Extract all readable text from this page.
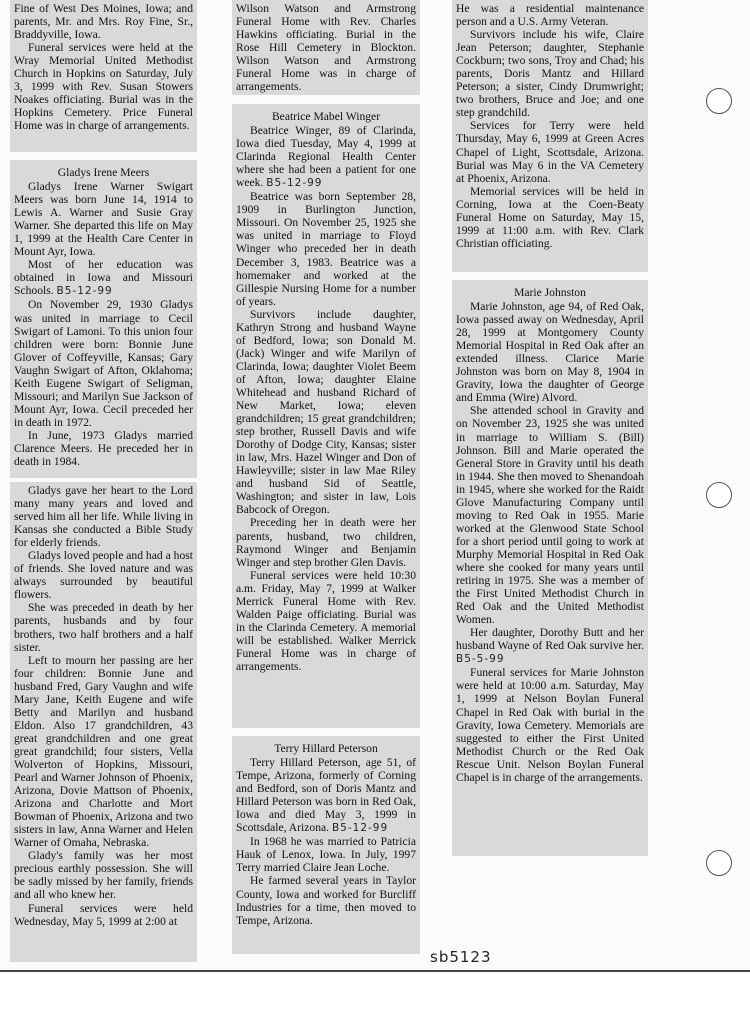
Fine of West Des Moines, Iowa; and parents, Mr. and Mrs. Roy Fine, Sr., Braddyville, Iowa.

Funeral services were held at the Wray Memorial United Methodist Church in Hopkins on Saturday, July 3, 1999 with Rev. Susan Stowers Noakes officiating. Burial was in the Hopkins Cemetery. Price Funeral Home was in charge of arrangements.

Gladys Irene Meers

Gladys Irene Warner Swigart Meers was born June 14, 1914 to Lewis A. Warner and Susie Gray Warner. She departed this life on May 1, 1999 at the Health Care Center in Mount Ayr, Iowa.

Most of her education was obtained in Iowa and Missouri Schools. B5-12-99

On November 29, 1930 Gladys was united in marriage to Cecil Swigart of Lamoni. To this union four children were born: Bonnie June Glover of Coffeyville, Kansas; Gary Vaughn Swigart of Afton, Oklahoma; Keith Eugene Swigart of Seligman, Missouri; and Marilyn Sue Jackson of Mount Ayr, Iowa. Cecil preceded her in death in 1972.

In June, 1973 Gladys married Clarence Meers. He preceded her in death in 1984.

Gladys gave her heart to the Lord many many years and loved and served him all her life. While living in Kansas she conducted a Bible Study for elderly friends.

Gladys loved people and had a host of friends. She loved nature and was always surrounded by beautiful flowers.

She was preceded in death by her parents, husbands and by four brothers, two half brothers and a half sister.

Left to mourn her passing are her four children: Bonnie June and husband Fred, Gary Vaughn and wife Mary Jane, Keith Eugene and wife Betty and Marilyn and husband Eldon. Also 17 grandchildren, 43 great grandchildren and one great great grandchild; four sisters, Vella Wolverton of Hopkins, Missouri, Pearl and Warner Johnson of Phoenix, Arizona, Dovie Mattson of Phoenix, Arizona and Charlotte and Mort Bowman of Phoenix, Arizona and two sisters in law, Anna Warner and Helen Warner of Omaha, Nebraska.

Glady's family was her most precious earthly possession. She will be sadly missed by her family, friends and all who knew her.

Funeral services were held Wednesday, May 5, 1999 at 2:00 at

Wilson Watson and Armstrong Funeral Home with Rev. Charles Hawkins officiating. Burial in the Rose Hill Cemetery in Blockton. Wilson Watson and Armstrong Funeral Home was in charge of arrangements.

Beatrice Mabel Winger

Beatrice Winger, 89 of Clarinda, Iowa died Tuesday, May 4, 1999 at Clarinda Regional Health Center where she had been a patient for one week. B5-12-99

Beatrice was born September 28, 1909 in Burlington Junction, Missouri. On November 25, 1925 she was united in marriage to Floyd Winger who preceded her in death December 3, 1983. Beatrice was a homemaker and worked at the Gillespie Nursing Home for a number of years.

Survivors include daughter, Kathryn Strong and husband Wayne of Bedford, Iowa; son Donald M. (Jack) Winger and wife Marilyn of Clarinda, Iowa; daughter Violet Beem of Afton, Iowa; daughter Elaine Whitehead and husband Richard of New Market, Iowa; eleven grandchildren; 15 great grandchildren; step brother, Russell Davis and wife Dorothy of Dodge City, Kansas; sister in law, Mrs. Hazel Winger and Don of Hawleyville; sister in law Mae Riley and husband Sid of Seattle, Washington; and sister in law, Lois Babcock of Oregon.

Preceding her in death were her parents, husband, two children, Raymond Winger and Benjamin Winger and step brother Glen Davis.

Funeral services were held 10:30 a.m. Friday, May 7, 1999 at Walker Merrick Funeral Home with Rev. Walden Paige officiating. Burial was in the Clarinda Cemetery. A memorial will be established. Walker Merrick Funeral Home was in charge of arrangements.

Terry Hillard Peterson

Terry Hillard Peterson, age 51, of Tempe, Arizona, formerly of Corning and Bedford, son of Doris Mantz and Hillard Peterson was born in Red Oak, Iowa and died May 3, 1999 in Scottsdale, Arizona. B5-12-99

In 1968 he was married to Patricia Hauk of Lenox, Iowa. In July, 1997 Terry married Claire Jean Loche.

He farmed several years in Taylor County, Iowa and worked for Burcliff Industries for a time, then moved to Tempe, Arizona.

He was a residential maintenance person and a U.S. Army Veteran.

Survivors include his wife, Claire Jean Peterson; daughter, Stephanie Cockburn; two sons, Troy and Chad; his parents, Doris Mantz and Hillard Peterson; a sister, Cindy Drumwright; two brothers, Bruce and Joe; and one step grandchild.

Services for Terry were held Thursday, May 6, 1999 at Green Acres Chapel of Light, Scottsdale, Arizona. Burial was May 6 in the VA Cemetery at Phoenix, Arizona.

Memorial services will be held in Corning, Iowa at the Coen-Beaty Funeral Home on Saturday, May 15, 1999 at 11:00 a.m. with Rev. Clark Christian officiating.

Marie Johnston

Marie Johnston, age 94, of Red Oak, Iowa passed away on Wednesday, April 28, 1999 at Montgomery County Memorial Hospital in Red Oak after an extended illness. Clarice Marie Johnston was born on May 8, 1904 in Gravity, Iowa the daughter of George and Emma (Wire) Alvord.

She attended school in Gravity and on November 23, 1925 she was united in marriage to William S. (Bill) Johnson. Bill and Marie operated the General Store in Gravity until his death in 1944. She then moved to Shenandoah in 1945, where she worked for the Raidt Glove Manufacturing Company until moving to Red Oak in 1955. Marie worked at the Glenwood State School for a short period until going to work at Murphy Memorial Hospital in Red Oak where she cooked for many years until retiring in 1975. She was a member of the First United Methodist Church in Red Oak and the United Methodist Women.

Her daughter, Dorothy Butt and her husband Wayne of Red Oak survive her. B5-5-99

Funeral services for Marie Johnston were held at 10:00 a.m. Saturday, May 1, 1999 at Nelson Boylan Funeral Chapel in Red Oak with burial in the Gravity, Iowa Cemetery. Memorials are suggested to either the First United Methodist Church or the Red Oak Rescue Unit. Nelson Boylan Funeral Chapel is in charge of the arrangements.

sb5123
